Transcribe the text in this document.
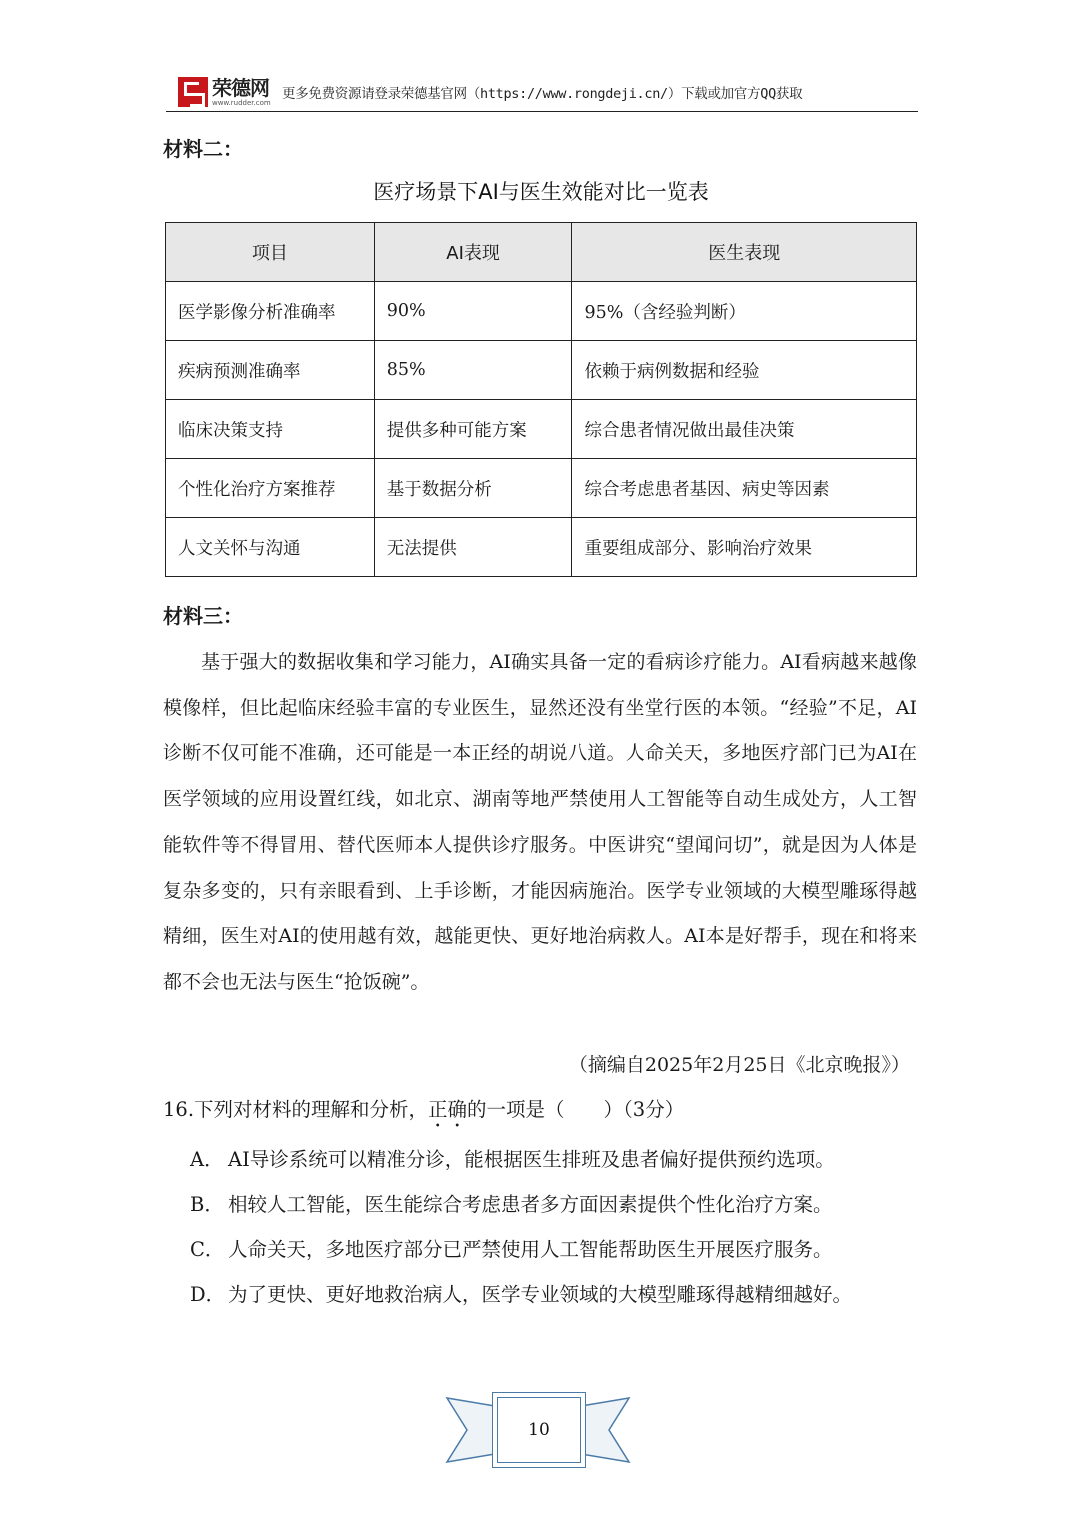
荣德网
www.rudder.com
更多免费资源请登录荣德基官网（https://www.rongdeji.cn/）下载或加官方QQ获取
材料二：
医疗场景下AI与医生效能对比一览表
项目	AI表现	医生表现
医学影像分析准确率	90%	95%（含经验判断）
疾病预测准确率	85%	依赖于病例数据和经验
临床决策支持	提供多种可能方案	综合患者情况做出最佳决策
个性化治疗方案推荐	基于数据分析	综合考虑患者基因、病史等因素
人文关怀与沟通	无法提供	重要组成部分、影响治疗效果
材料三：

基于强大的数据收集和学习能力，AI确实具备一定的看病诊疗能力。AI看病越来越像模像样，但比起临床经验丰富的专业医生，显然还没有坐堂行医的本领。“经验”不足，AI诊断不仅可能不准确，还可能是一本正经的胡说八道。人命关天，多地医疗部门已为AI在医学领域的应用设置红线，如北京、湖南等地严禁使用人工智能等自动生成处方，人工智能软件等不得冒用、替代医师本人提供诊疗服务。中医讲究“望闻问切”，就是因为人体是复杂多变的，只有亲眼看到、上手诊断，才能因病施治。医学专业领域的大模型雕琢得越精细，医生对AI的使用越有效，越能更快、更好地治病救人。AI本是好帮手，现在和将来都不会也无法与医生“抢饭碗”。

（摘编自2025年2月25日《北京晚报》）
16.下列对材料的理解和分析，正确的一项是（　　）（3分）
A． AI导诊系统可以精准分诊，能根据医生排班及患者偏好提供预约选项。
B． 相较人工智能，医生能综合考虑患者多方面因素提供个性化治疗方案。
C． 人命关天，多地医疗部分已严禁使用人工智能帮助医生开展医疗服务。
D． 为了更快、更好地救治病人，医学专业领域的大模型雕琢得越精细越好。
10
